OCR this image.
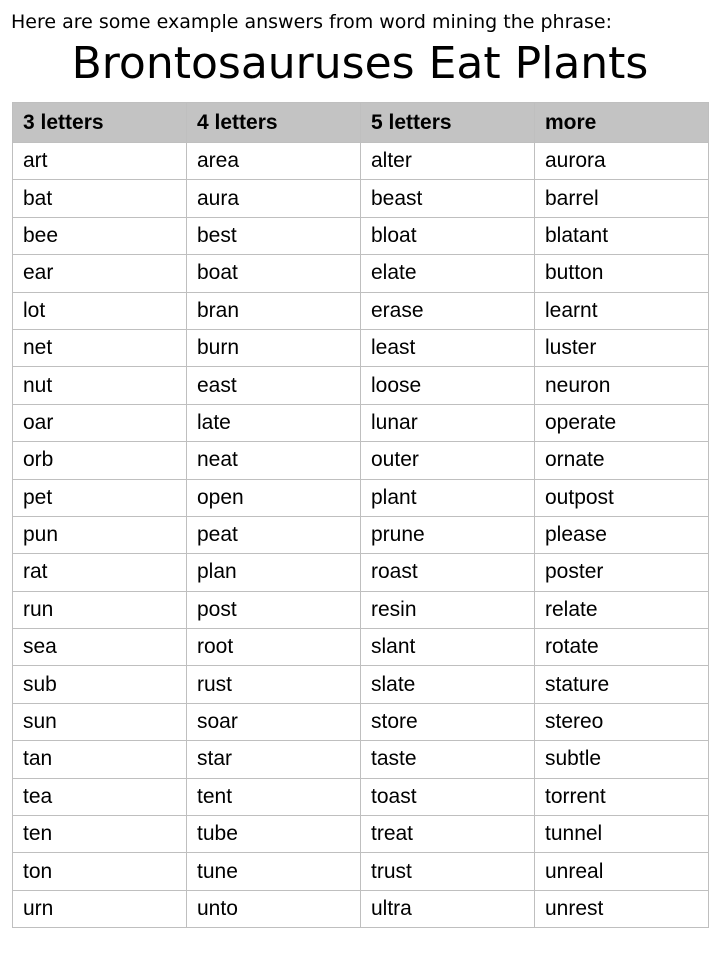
Here are some example answers from word mining the phrase:
Brontosauruses Eat Plants
3 letters	4 letters	5 letters	more
art	area	alter	aurora
bat	aura	beast	barrel
bee	best	bloat	blatant
ear	boat	elate	button
lot	bran	erase	learnt
net	burn	least	luster
nut	east	loose	neuron
oar	late	lunar	operate
orb	neat	outer	ornate
pet	open	plant	outpost
pun	peat	prune	please
rat	plan	roast	poster
run	post	resin	relate
sea	root	slant	rotate
sub	rust	slate	stature
sun	soar	store	stereo
tan	star	taste	subtle
tea	tent	toast	torrent
ten	tube	treat	tunnel
ton	tune	trust	unreal
urn	unto	ultra	unrest
